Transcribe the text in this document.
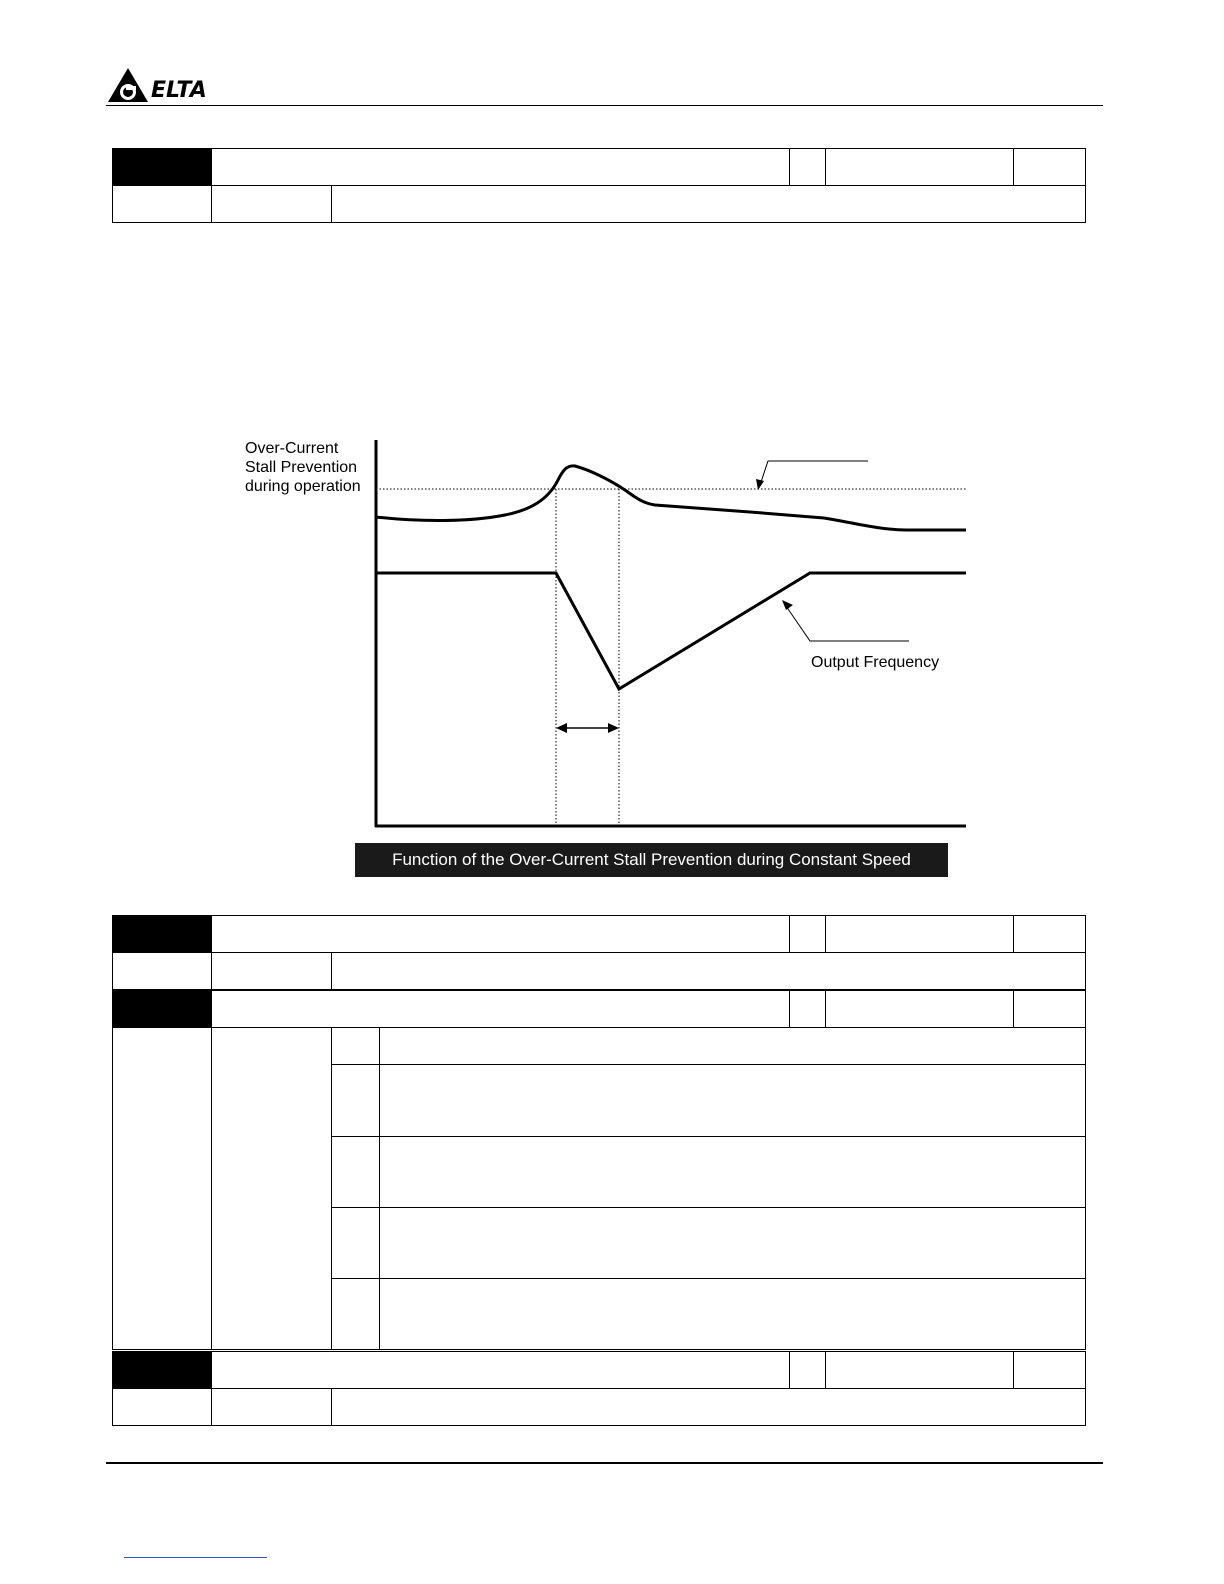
ELTA

Over-Current
Stall Prevention
during operation
Output Frequency
Function of the Over-Current Stall Prevention during Constant Speed
